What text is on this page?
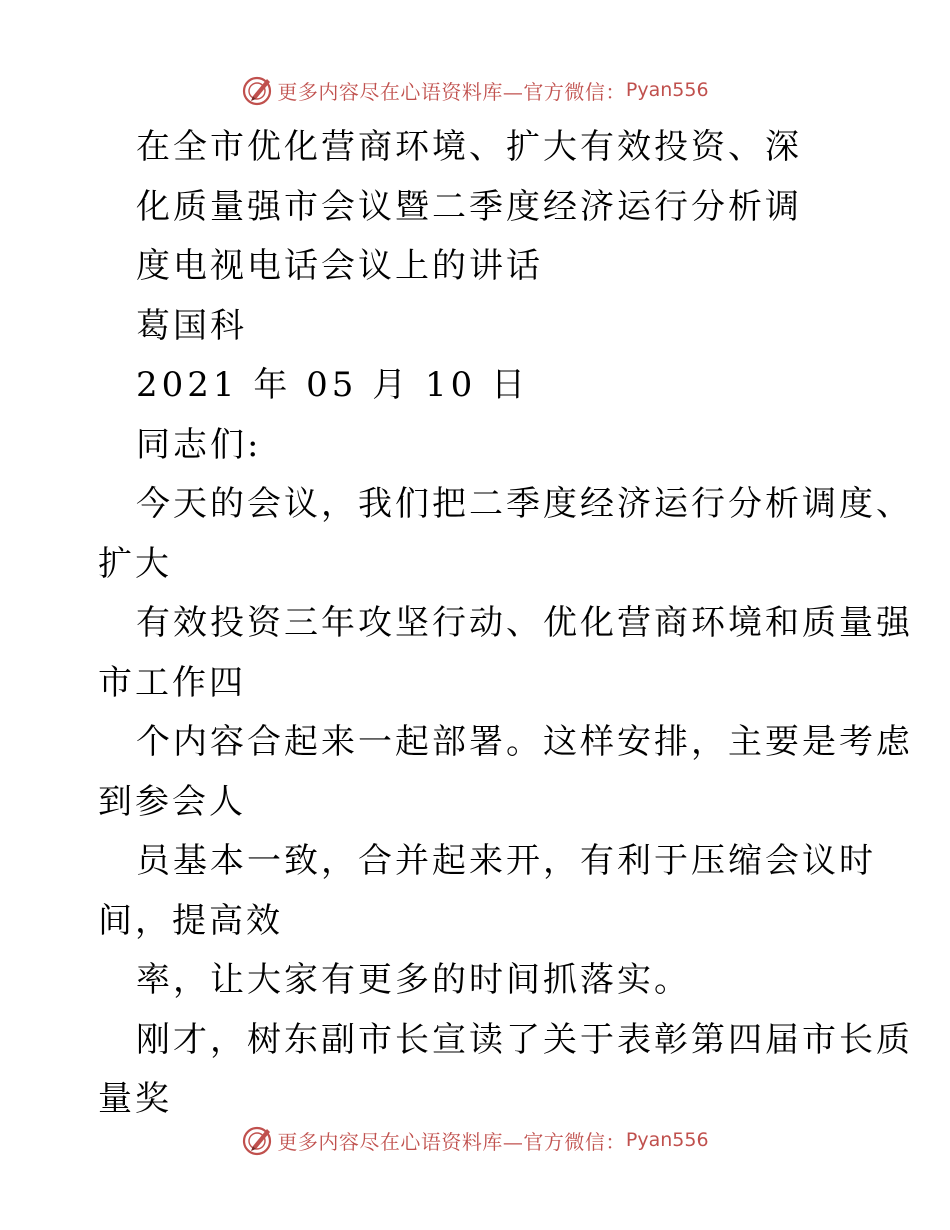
更多内容尽在心语资料库—官方微信： Pyan556
在全市优化营商环境、扩大有效投资、深
化质量强市会议暨二季度经济运行分析调
度电视电话会议上的讲话
葛国科
2021 年 05 月 10 日
同志们:
今天的会议，我们把二季度经济运行分析调度、
扩大
有效投资三年攻坚行动、优化营商环境和质量强
市工作四
个内容合起来一起部署。这样安排，主要是考虑
到参会人
员基本一致，合并起来开，有利于压缩会议时
间，提高效
率，让大家有更多的时间抓落实。
刚才，树东副市长宣读了关于表彰第四届市长质
量奖
更多内容尽在心语资料库—官方微信： Pyan556
